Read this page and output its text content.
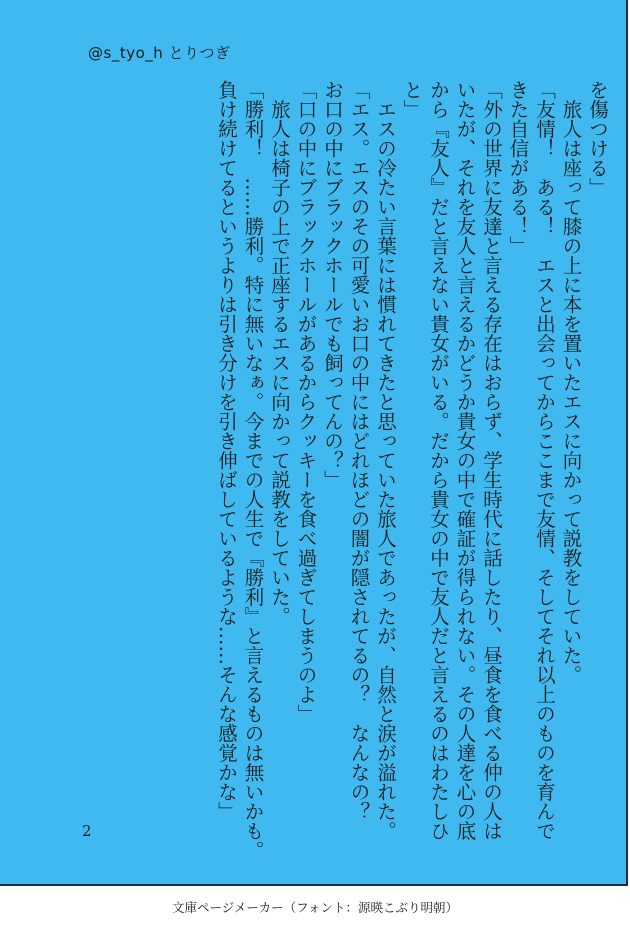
@s_tyo_h とりつぎ

を傷つける」

　旅人は座って膝の上に本を置いたエスに向かって説教をしていた。

「友情！　ある！　エスと出会ってからここまで友情、そしてそれ以上のものを育んで

きた自信がある！」

「外の世界に友達と言える存在はおらず、学生時代に話したり、昼食を食べる仲の人は

いたが、それを友人と言えるかどうか貴女の中で確証が得られない。その人達を心の底

から『友人』だと言えない貴女がいる。だから貴女の中で友人だと言えるのはわたしひ

と」

　エスの冷たい言葉には慣れてきたと思っていた旅人であったが、自然と涙が溢れた。

「エス。エスのその可愛いお口の中にはどれほどの闇が隠されてるの？　なんなの？

お口の中にブラックホールでも飼ってんの？」

「口の中にブラックホールがあるからクッキーを食べ過ぎてしまうのよ」

　旅人は椅子の上で正座するエスに向かって説教をしていた。

「勝利！　……勝利。特に無いなぁ。今までの人生で『勝利』と言えるものは無いかも。

負け続けてるというよりは引き分けを引き伸ばしているような……そんな感覚かな」

2
文庫ページメーカー（フォント：源暎こぶり明朝）
